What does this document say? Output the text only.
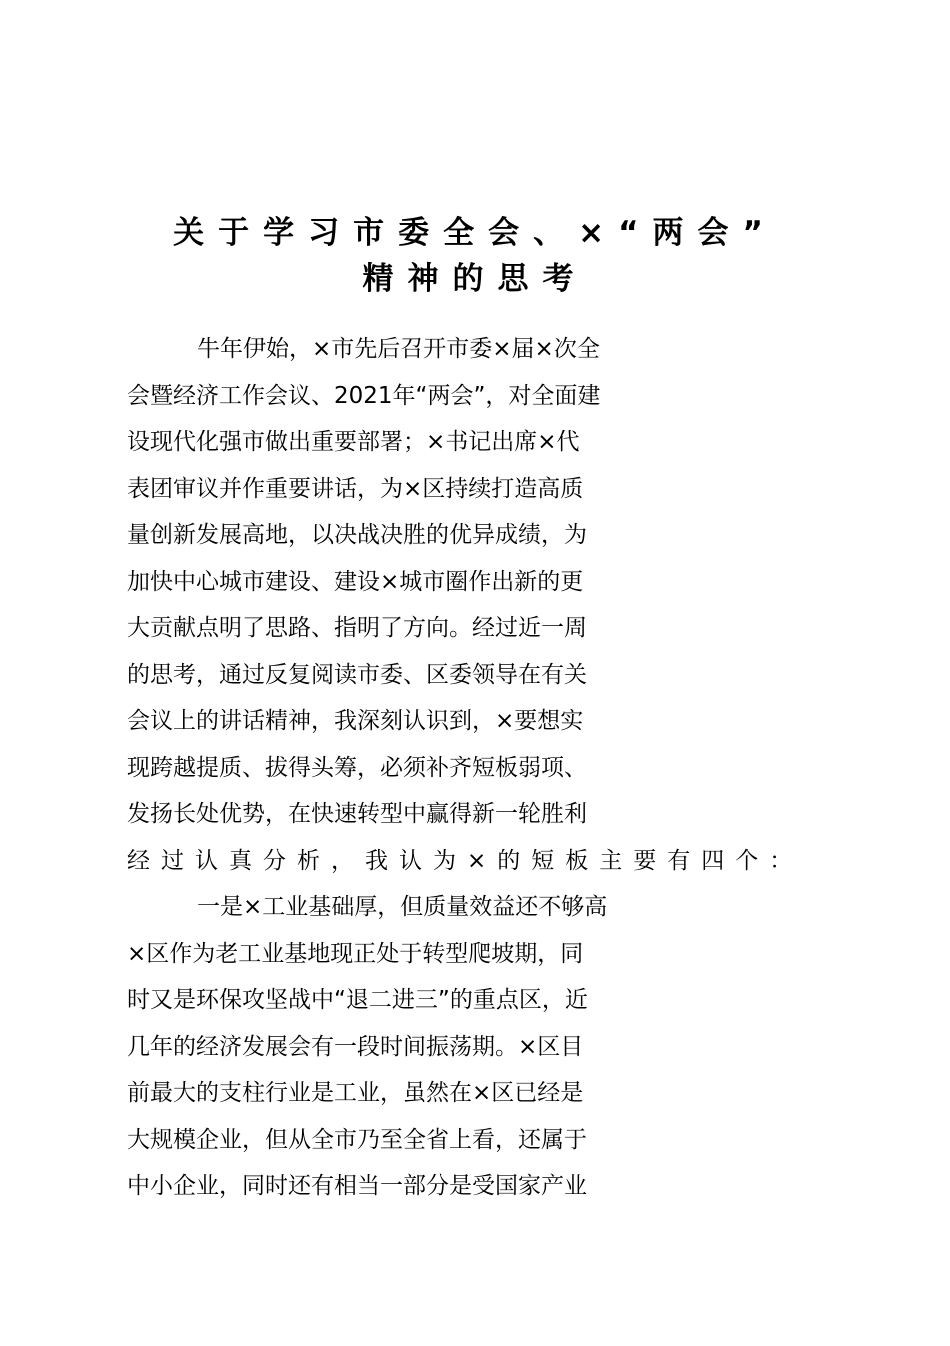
关于学习市委全会、×“两会”
精神的思考
牛年伊始，×市先后召开市委×届×次全
会暨经济工作会议、2021年“两会”，对全面建
设现代化强市做出重要部署；×书记出席×代
表团审议并作重要讲话，为×区持续打造高质
量创新发展高地，以决战决胜的优异成绩，为
加快中心城市建设、建设×城市圈作出新的更
大贡献点明了思路、指明了方向。经过近一周
的思考，通过反复阅读市委、区委领导在有关
会议上的讲话精神，我深刻认识到，×要想实
现跨越提质、拔得头筹，必须补齐短板弱项、
发扬长处优势，在快速转型中赢得新一轮胜利
经过认真分析，我认为×的短板主要有四个：
一是×工业基础厚，但质量效益还不够高
×区作为老工业基地现正处于转型爬坡期，同
时又是环保攻坚战中“退二进三”的重点区，近
几年的经济发展会有一段时间振荡期。×区目
前最大的支柱行业是工业，虽然在×区已经是
大规模企业，但从全市乃至全省上看，还属于
中小企业，同时还有相当一部分是受国家产业
